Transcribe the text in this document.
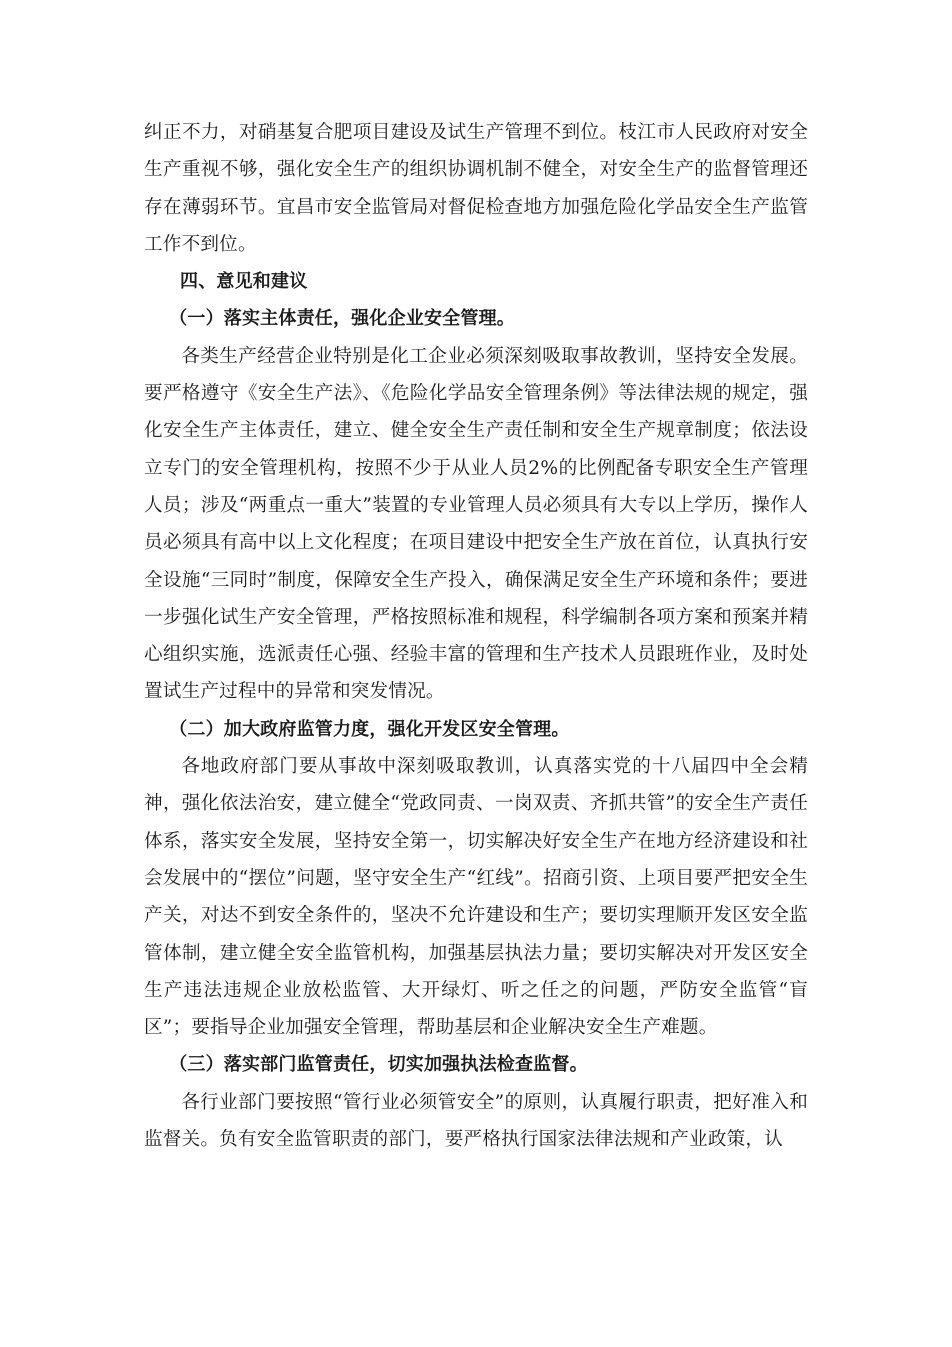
纠正不力，对硝基复合肥项目建设及试生产管理不到位。枝江市人民政府对安全生产重视不够，强化安全生产的组织协调机制不健全，对安全生产的监督管理还存在薄弱环节。宜昌市安全监管局对督促检查地方加强危险化学品安全生产监管工作不到位。

四、意见和建议

（一）落实主体责任，强化企业安全管理。

各类生产经营企业特别是化工企业必须深刻吸取事故教训，坚持安全发展。要严格遵守《安全生产法》、《危险化学品安全管理条例》等法律法规的规定，强化安全生产主体责任，建立、健全安全生产责任制和安全生产规章制度；依法设立专门的安全管理机构，按照不少于从业人员2%的比例配备专职安全生产管理人员；涉及“两重点一重大”装置的专业管理人员必须具有大专以上学历，操作人员必须具有高中以上文化程度；在项目建设中把安全生产放在首位，认真执行安全设施“三同时”制度，保障安全生产投入，确保满足安全生产环境和条件；要进一步强化试生产安全管理，严格按照标准和规程，科学编制各项方案和预案并精心组织实施，选派责任心强、经验丰富的管理和生产技术人员跟班作业，及时处置试生产过程中的异常和突发情况。

（二）加大政府监管力度，强化开发区安全管理。

各地政府部门要从事故中深刻吸取教训，认真落实党的十八届四中全会精神，强化依法治安，建立健全“党政同责、一岗双责、齐抓共管”的安全生产责任体系，落实安全发展，坚持安全第一，切实解决好安全生产在地方经济建设和社会发展中的“摆位”问题，坚守安全生产“红线”。招商引资、上项目要严把安全生产关，对达不到安全条件的，坚决不允许建设和生产；要切实理顺开发区安全监管体制，建立健全安全监管机构，加强基层执法力量；要切实解决对开发区安全生产违法违规企业放松监管、大开绿灯、听之任之的问题，严防安全监管“盲区”；要指导企业加强安全管理，帮助基层和企业解决安全生产难题。

（三）落实部门监管责任，切实加强执法检查监督。

各行业部门要按照“管行业必须管安全”的原则，认真履行职责，把好准入和监督关。负有安全监管职责的部门，要严格执行国家法律法规和产业政策，认
